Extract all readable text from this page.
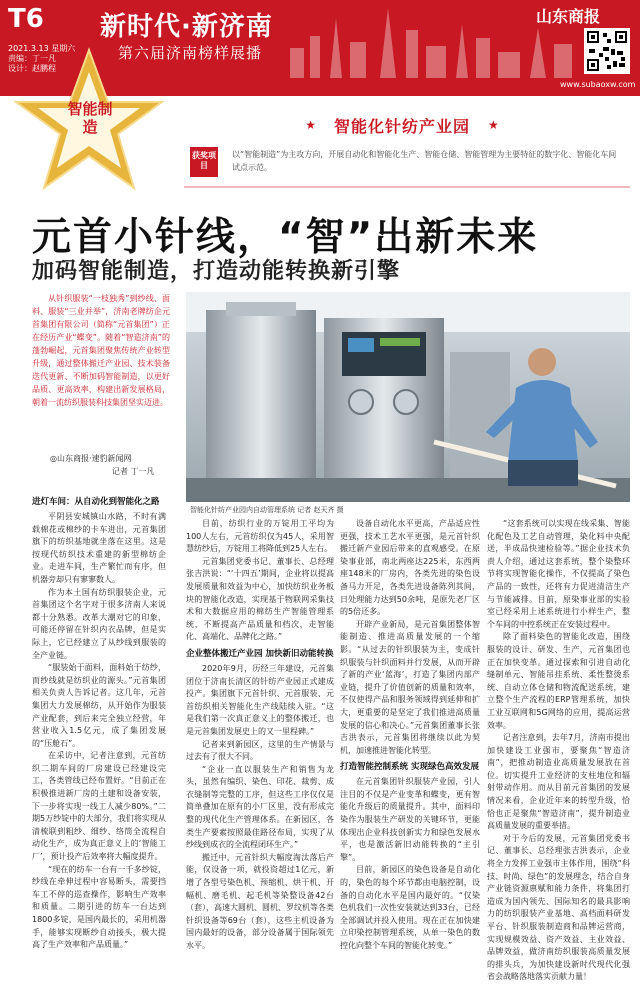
T6
2021.3.13 星期六
责编：丁一凡
设计：赵鹏程
新时代·新济南
第六届济南榜样展播
山东商报
www.subaoxw.com
智能制造	★ 智能化针纺产业园 ★
获奖项目
以“智能制造”为主攻方向，开展自动化和智能化生产、智能仓储、智能管理为主要特征的数字化、智能化车间试点示范。
元首小针线，“智”出新未来
加码智能制造，打造动能转换新引擎

从针织服装“一枝独秀”到纱线、面料、服装“三业并举”，济南老牌纺企元首集团有限公司（简称“元首集团”）正在经历产业“蝶变”。随着“智造济南”的蓬勃崛起，元首集团聚焦传统产业转型升级，通过整体搬迁产业园、技术装备迭代更新、不断加码智能制造，以更好品质、更高效率，构建出新发展格局，朝着一流纺织服装科技集团坚实迈进。

◎山东商报·速豹新闻网
记者 丁一凡
智能化针纺产业园内自动管理系统 记者 赵天齐 摄
进灯车间：从自动化到智能化之路

平阴县安城镇山水路，不时有满载棉花或棉纱的卡车进出，元首集团旗下的纺织基地就坐落在这里。这是按现代纺织技术重建的新型棉纺企业。走进车间，生产繁忙而有序，但机器旁却只有寥寥数人。

作为本土国有纺织服装企业，元首集团这个名字对于很多济南人来说都十分熟悉。改革大潮对它的印象，可能还停留在针织内衣品牌，但是实际上，它已经建立了从纱线到服装的全产业链。

“服装始于面料，面料始于纺纱，而纱线就是纺织业的源头。”元首集团相关负责人告诉记者。这几年，元首集团大力发展棉纺，从开始作为服装产业配套，到后来完全独立经营，年营业收入1.5亿元，成了集团发展的“压舱石”。

在采访中，记者注意到，元首纺织二期车间的厂房建设已经建设完工，各类管线已经布置好。“目前正在积极推进新厂房的土建和设备安装，下一步将实现一线工人减少80%。”二期5万纱锭中的大部分，我们将实现从清梳联到粗纱、细纱、络筒全流程自动化生产，成为真正意义上的‘智能工厂’，预计投产后效率将大幅度提升。

“现在的纺车一台有一千多纱锭，纱线在牵伸过程中容易断头，需要挡车工不停的巡查操作，影响生产效率和质量。二期引进的纺车一台达到1800多锭，是国内最长的，采用机器手，能够实现断纱自动接头，极大提高了生产效率和产品质量。”

目前，纺织行业的万锭用工平均为100人左右，元首纺织仅为45人，采用智慧纺纱后，万锭用工将降低到25人左右。

元首集团党委书记、董事长、总经理张吉洪说：“‘十四五’期间，企业将以提高发展质量和效益为中心，加快纺织业务板块的智能化改造，实现基于物联网采集技术和大数据应用的棉纺生产智能管理系统，不断提高产品质量和档次，走智能化、高端化、品牌化之路。”

企业整体搬迁产业园 加快新旧动能转换

2020年9月，历经三年建设，元首集团位于济南长清区的针纺产业园正式建成投产。集团旗下元首针织、元首服装、元首纺织相关智能化生产线陆续入驻。“这是我们第一次真正意义上的整体搬迁，也是元首集团发展史上的又一里程碑。”

记者来到新园区，这里的生产情景与过去有了很大不同。

“企业一直以服装生产和销售为龙头，虽然有编织、染色、印花、裁剪、成衣缝制等完整的工序，但这些工序仅仅是简单叠加在原有的小厂区里，没有形成完整的现代化生产管理体系。在新园区，各类生产要素按照最佳路径布局，实现了从纱线到成衣的全流程闭环生产。”

搬迁中，元首针织大幅度淘汰落后产能，仅设备一项，就投资超过1亿元，新增了各型号染色机、预缩机、烘干机、开幅机、磨毛机、起毛机等染整设备42台（套），高速大圆机、圆机、罗纹机等各类针织设备等69台（套），这些主机设备为国内最好的设备，部分设备属于国际领先水平。

设备自动化水平更高，产品适应性更强，技术工艺水平更强，是元首针织搬迁新产业园后带来的直观感受。在原染事业部，南北两座达225米，东西两座148米的厂房内，各类先进的染色设备马力开足，各类先进设备陈列其间，日处理能力达到50余吨，是原先老厂区的5倍还多。

开辟产业新局，是元首集团整体智能制造、推进高质量发展的一个缩影。“从过去的针织服装为主，变成针织服装与针织面料并行发展，从而开辟了新的产业‘蓝海’，打造了集团内部产业链，提升了价值创新的质量和效率，不仅使得产品和服务领域得到延伸和扩大，更重要的是坚定了我们推进高质量发展的信心和决心。”元首集团董事长张吉洪表示，元首集团将继续以此为契机，加速推进智能化转型。

打造智能控制系统 实现绿色高效发展

在元首集团针织服装产业园，引人注目的不仅是产业变革和蝶变，更有智能化升级后的质量提升。其中，面料印染作为服装生产研发的关键环节，更能体现出企业科技创新实力和绿色发展水平，也是激活新旧动能转换的“主引擎”。

目前，新园区的染色设备是自动化的，染色的每个环节都由电脑控制，设备的自动化水平是国内最好的。“仅染色机我们一次性安装就达到33台，已经全部调试并投入使用。现在正在加快建立印染控制管理系统，从单一染色的数控化向整个车间的智能化转变。”

“这套系统可以实现在线采集、智能化配色及工艺自动管理，染化料中央配送，半成品快速检验等。”据企业技术负责人介绍，通过这套系统，整个染整环节将实现智能化操作，不仅提高了染色产品的一致性，还将有力促进清洁生产与节能减排。目前，原染事业部的实验室已经采用上述系统进行小样生产，整个车间的中控系统正在安装过程中。

除了面料染色的智能化改造，围绕服装的设计、研发、生产，元首集团也正在加快变革。通过探索和引进自动化缝制单元、智能吊挂系统、柔性整烫系统、自动立体仓储和物流配送系统，建立整个生产流程的ERP管理系统，加快工业互联网和5G网络的应用，提高运营效率。

记者注意到，去年7月，济南市提出加快建设工业强市，要聚焦“智造济南”，把推动制造业高质量发展放在首位。切实提升工业经济的支柱地位和辐射带动作用。而从目前元首集团的发展情况来看，企业近年来的转型升级，恰恰也正是聚焦“智造济南”，提升制造业高质量发展的重要举措。

对于今后的发展，元首集团党委书记、董事长、总经理张吉洪表示，企业将全力发挥工业强市主体作用，围绕“科技、时尚、绿色”的发展理念，结合自身产业链资源禀赋和能力条件，将集团打造成为国内领先、国际知名的最具影响力的纺织服装产业基地、高档面料研发平台、针织服装制造商和品牌运营商，实现规模效益、资产效益、主业效益、品牌效益，做济南纺织服装高质量发展的排头兵，为加快建设新时代现代化强省会战略落地落实贡献力量！
